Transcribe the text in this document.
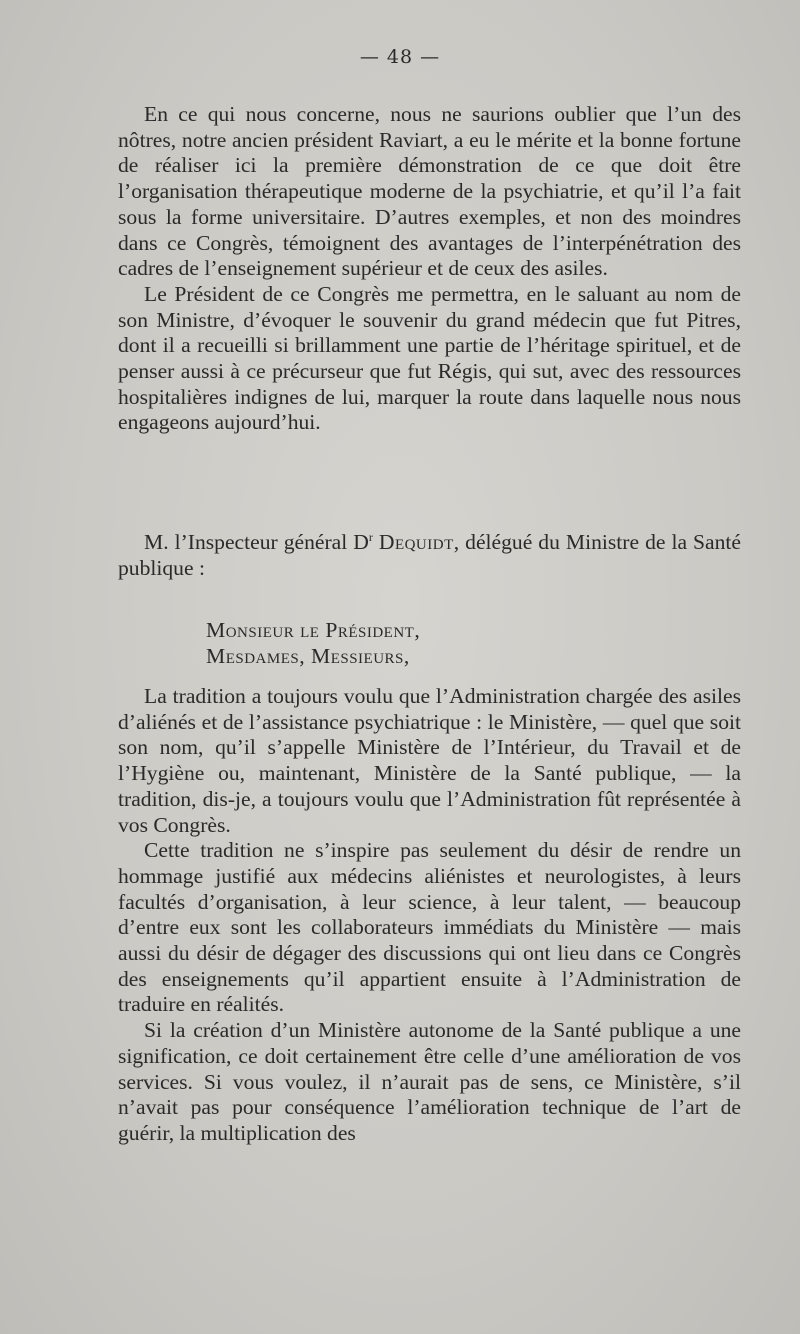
— 48 —

En ce qui nous concerne, nous ne saurions oublier que l’un des nôtres, notre ancien président Raviart, a eu le mérite et la bonne fortune de réaliser ici la première démonstration de ce que doit être l’organisation thérapeutique moderne de la psychiatrie, et qu’il l’a fait sous la forme universitaire. D’autres exemples, et non des moindres dans ce Congrès, témoignent des avantages de l’interpénétration des cadres de l’enseignement supérieur et de ceux des asiles.

Le Président de ce Congrès me permettra, en le saluant au nom de son Ministre, d’évoquer le souvenir du grand médecin que fut Pitres, dont il a recueilli si brillamment une partie de l’héritage spirituel, et de penser aussi à ce précurseur que fut Régis, qui sut, avec des ressources hospitalières indignes de lui, marquer la route dans laquelle nous nous engageons aujourd’hui.

M. l’Inspecteur général $D^r$ Dequidt, délégué du Ministre de la Santé publique :

Monsieur le Président,
Mesdames, Messieurs,

La tradition a toujours voulu que l’Administration chargée des asiles d’aliénés et de l’assistance psychiatrique : le Ministère, — quel que soit son nom, qu’il s’appelle Ministère de l’Intérieur, du Travail et de l’Hygiène ou, maintenant, Ministère de la Santé publique, — la tradition, dis-je, a toujours voulu que l’Administration fût représentée à vos Congrès.

Cette tradition ne s’inspire pas seulement du désir de rendre un hommage justifié aux médecins aliénistes et neurologistes, à leurs facultés d’organisation, à leur science, à leur talent, — beaucoup d’entre eux sont les collaborateurs immédiats du Ministère — mais aussi du désir de dégager des discussions qui ont lieu dans ce Congrès des enseignements qu’il appartient ensuite à l’Administration de traduire en réalités.

Si la création d’un Ministère autonome de la Santé publique a une signification, ce doit certainement être celle d’une amélioration de vos services. Si vous voulez, il n’aurait pas de sens, ce Ministère, s’il n’avait pas pour conséquence l’amélioration technique de l’art de guérir, la multiplication des
